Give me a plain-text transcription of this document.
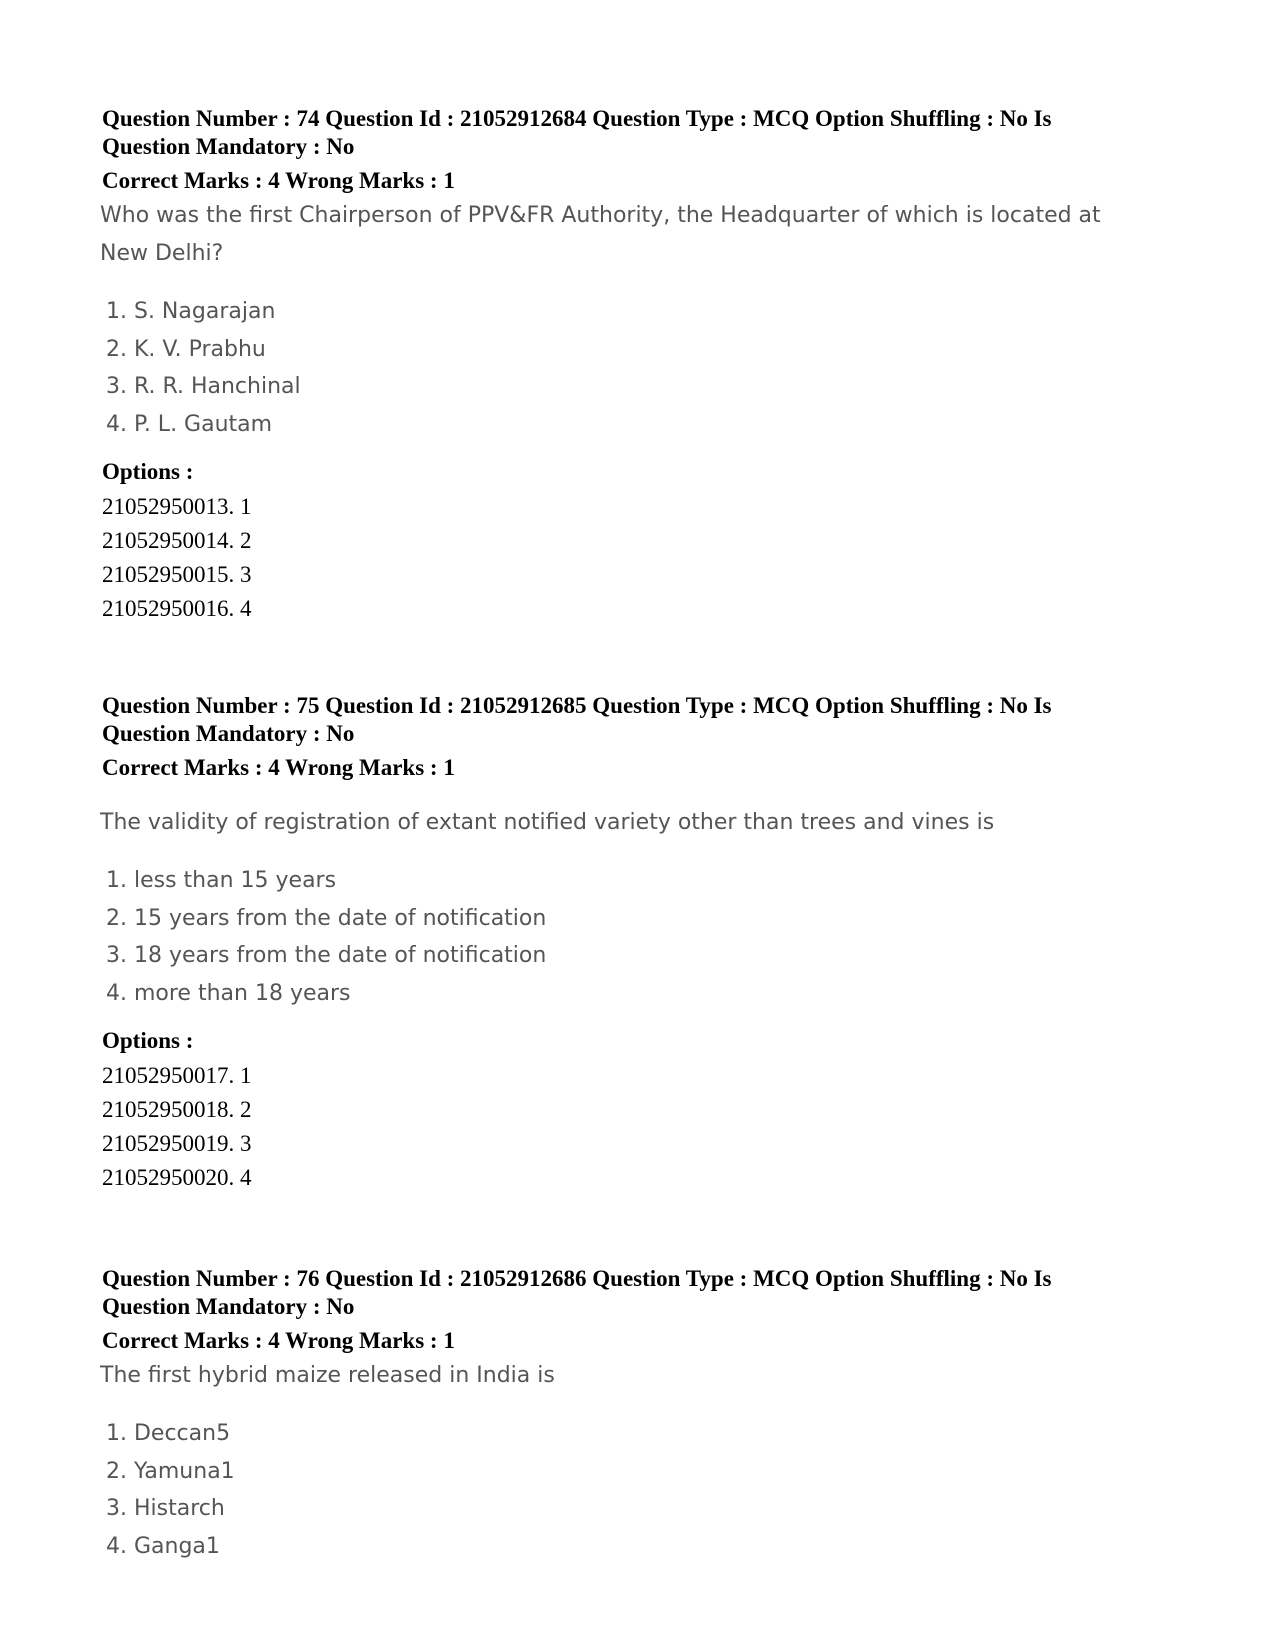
Question Number : 74 Question Id : 21052912684 Question Type : MCQ Option Shuffling : No Is
Question Mandatory : No
Correct Marks : 4 Wrong Marks : 1
Who was the first Chairperson of PPV&FR Authority, the Headquarter of which is located at
New Delhi?
1. S. Nagarajan
2. K. V. Prabhu
3. R. R. Hanchinal
4. P. L. Gautam
Options :
21052950013. 1
21052950014. 2
21052950015. 3
21052950016. 4
Question Number : 75 Question Id : 21052912685 Question Type : MCQ Option Shuffling : No Is
Question Mandatory : No
Correct Marks : 4 Wrong Marks : 1
The validity of registration of extant notified variety other than trees and vines is
1. less than 15 years
2. 15 years from the date of notification
3. 18 years from the date of notification
4. more than 18 years
Options :
21052950017. 1
21052950018. 2
21052950019. 3
21052950020. 4
Question Number : 76 Question Id : 21052912686 Question Type : MCQ Option Shuffling : No Is
Question Mandatory : No
Correct Marks : 4 Wrong Marks : 1
The first hybrid maize released in India is
1. Deccan5
2. Yamuna1
3. Histarch
4. Ganga1
